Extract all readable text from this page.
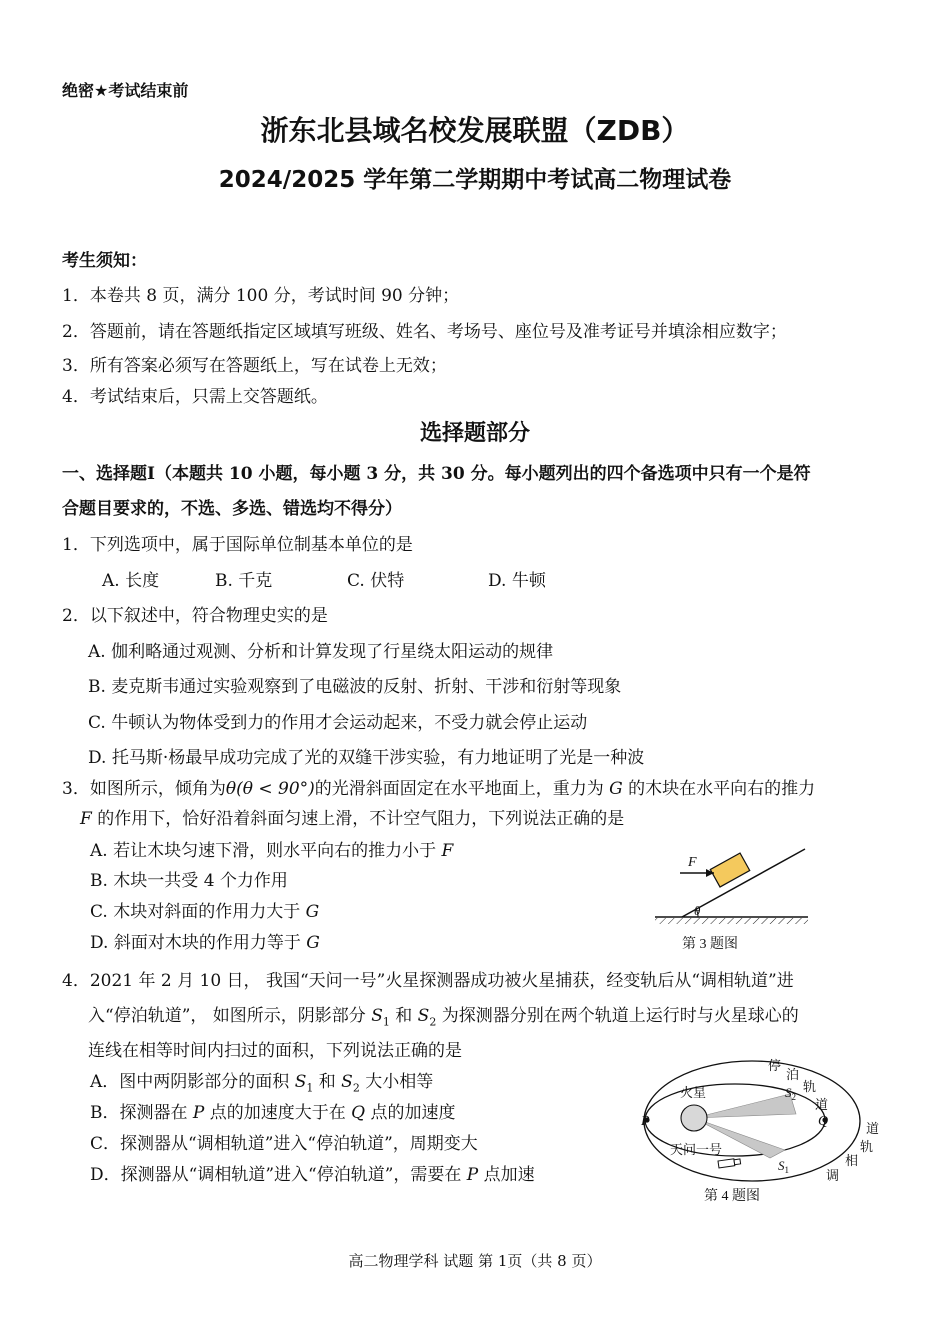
绝密★考试结束前
浙东北县域名校发展联盟（ZDB）
2024/2025 学年第二学期期中考试高二物理试卷
考生须知：
1．本卷共 8 页，满分 100 分，考试时间 90 分钟；
2．答题前，请在答题纸指定区域填写班级、姓名、考场号、座位号及准考证号并填涂相应数字；
3．所有答案必须写在答题纸上，写在试卷上无效；
4．考试结束后，只需上交答题纸。
选择题部分
一、选择题Ⅰ（本题共 10 小题，每小题 3 分，共 30 分。每小题列出的四个备选项中只有一个是符
合题目要求的，不选、多选、错选均不得分）
1．下列选项中，属于国际单位制基本单位的是
A. 长度	B. 千克	C. 伏特	D. 牛顿
2．以下叙述中，符合物理史实的是
A. 伽利略通过观测、分析和计算发现了行星绕太阳运动的规律
B. 麦克斯韦通过实验观察到了电磁波的反射、折射、干涉和衍射等现象
C. 牛顿认为物体受到力的作用才会运动起来，不受力就会停止运动
D. 托马斯·杨最早成功完成了光的双缝干涉实验，有力地证明了光是一种波
3．如图所示，倾角为θ(θ < 90°)的光滑斜面固定在水平地面上，重力为 G 的木块在水平向右的推力
F 的作用下，恰好沿着斜面匀速上滑，不计空气阻力，下列说法正确的是
A. 若让木块匀速下滑，则水平向右的推力小于 F
B. 木块一共受 4 个力作用
C. 木块对斜面的作用力大于 G
D. 斜面对木块的作用力等于 G
F
θ
第 3 题图
4．2021 年 2 月 10 日， 我国“天问一号”火星探测器成功被火星捕获，经变轨后从“调相轨道”进
入“停泊轨道”， 如图所示，阴影部分 $S_1$ 和 $S_2$ 为探测器分别在两个轨道上运行时与火星球心的
连线在相等时间内扫过的面积，下列说法正确的是
A．图中两阴影部分的面积 $S_1$ 和 $S_2$ 大小相等
B．探测器在 P 点的加速度大于在 Q 点的加速度
C．探测器从“调相轨道”进入“停泊轨道”，周期变大
D．探测器从“调相轨道”进入“停泊轨道”，需要在 P 点加速
火星
天问一号
P	Q
$S_2$
$S_1$
停
泊
轨
道
道
轨
相
调
第 4 题图
高二物理学科 试题 第 1页（共 8 页）
